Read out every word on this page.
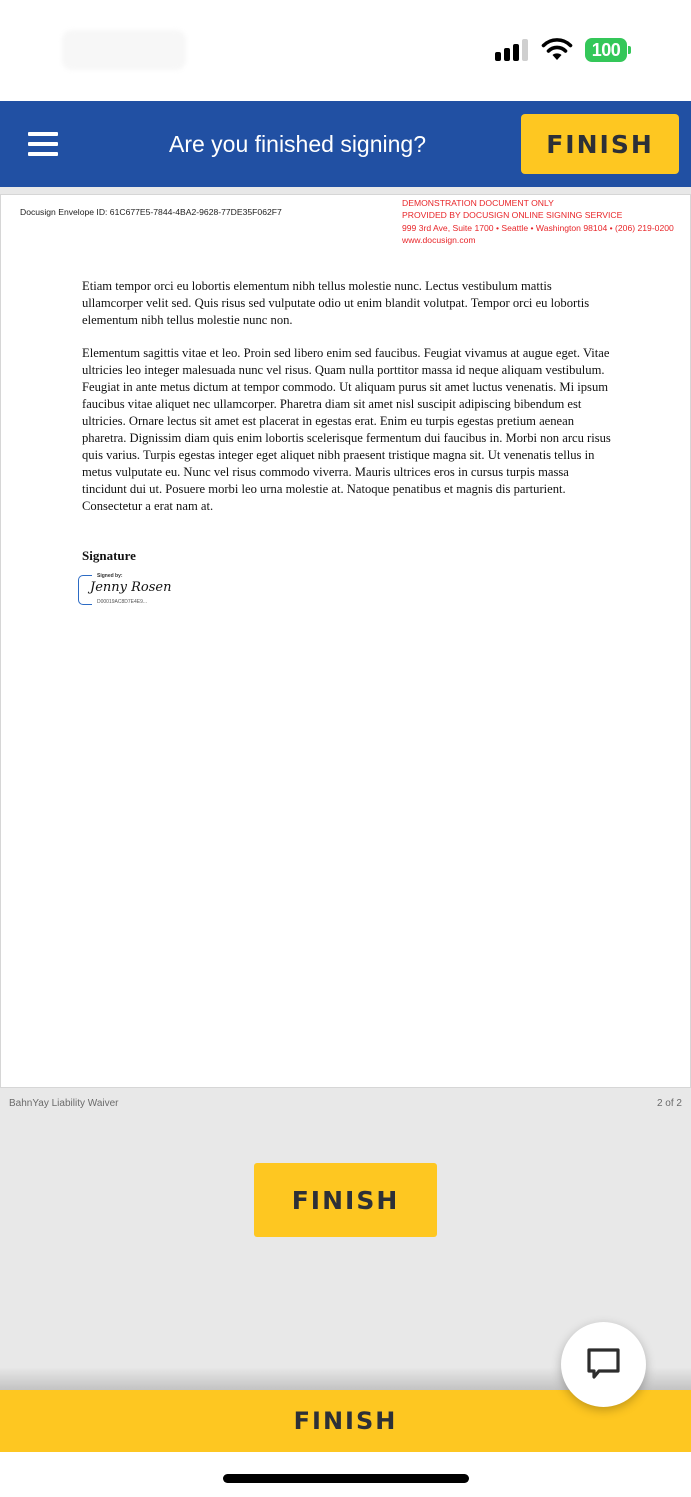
100
Are you finished signing?	FINISH
Docusign Envelope ID: 61C677E5-7844-4BA2-9628-77DE35F062F7
DEMONSTRATION DOCUMENT ONLY
PROVIDED BY DOCUSIGN ONLINE SIGNING SERVICE
999 3rd Ave, Suite 1700 • Seattle • Washington 98104 • (206) 219-0200
www.docusign.com

Etiam tempor orci eu lobortis elementum nibh tellus molestie nunc. Lectus vestibulum mattis ullamcorper velit sed. Quis risus sed vulputate odio ut enim blandit volutpat. Tempor orci eu lobortis elementum nibh tellus molestie nunc non.

Elementum sagittis vitae et leo. Proin sed libero enim sed faucibus. Feugiat vivamus at augue eget. Vitae ultricies leo integer malesuada nunc vel risus. Quam nulla porttitor massa id neque aliquam vestibulum. Feugiat in ante metus dictum at tempor commodo. Ut aliquam purus sit amet luctus venenatis. Mi ipsum faucibus vitae aliquet nec ullamcorper. Pharetra diam sit amet nisl suscipit adipiscing bibendum est ultricies. Ornare lectus sit amet est placerat in egestas erat. Enim eu turpis egestas pretium aenean pharetra. Dignissim diam quis enim lobortis scelerisque fermentum dui faucibus in. Morbi non arcu risus quis varius. Turpis egestas integer eget aliquet nibh praesent tristique magna sit. Ut venenatis tellus in metus vulputate eu. Nunc vel risus commodo viverra. Mauris ultrices eros in cursus turpis massa tincidunt dui ut. Posuere morbi leo urna molestie at. Natoque penatibus et magnis dis parturient. Consectetur a erat nam at.

Signature
Signed by:
Jenny Rosen
D00019AC8D7E4E9...
BahnYay Liability Waiver	2 of 2
FINISH
FINISH
